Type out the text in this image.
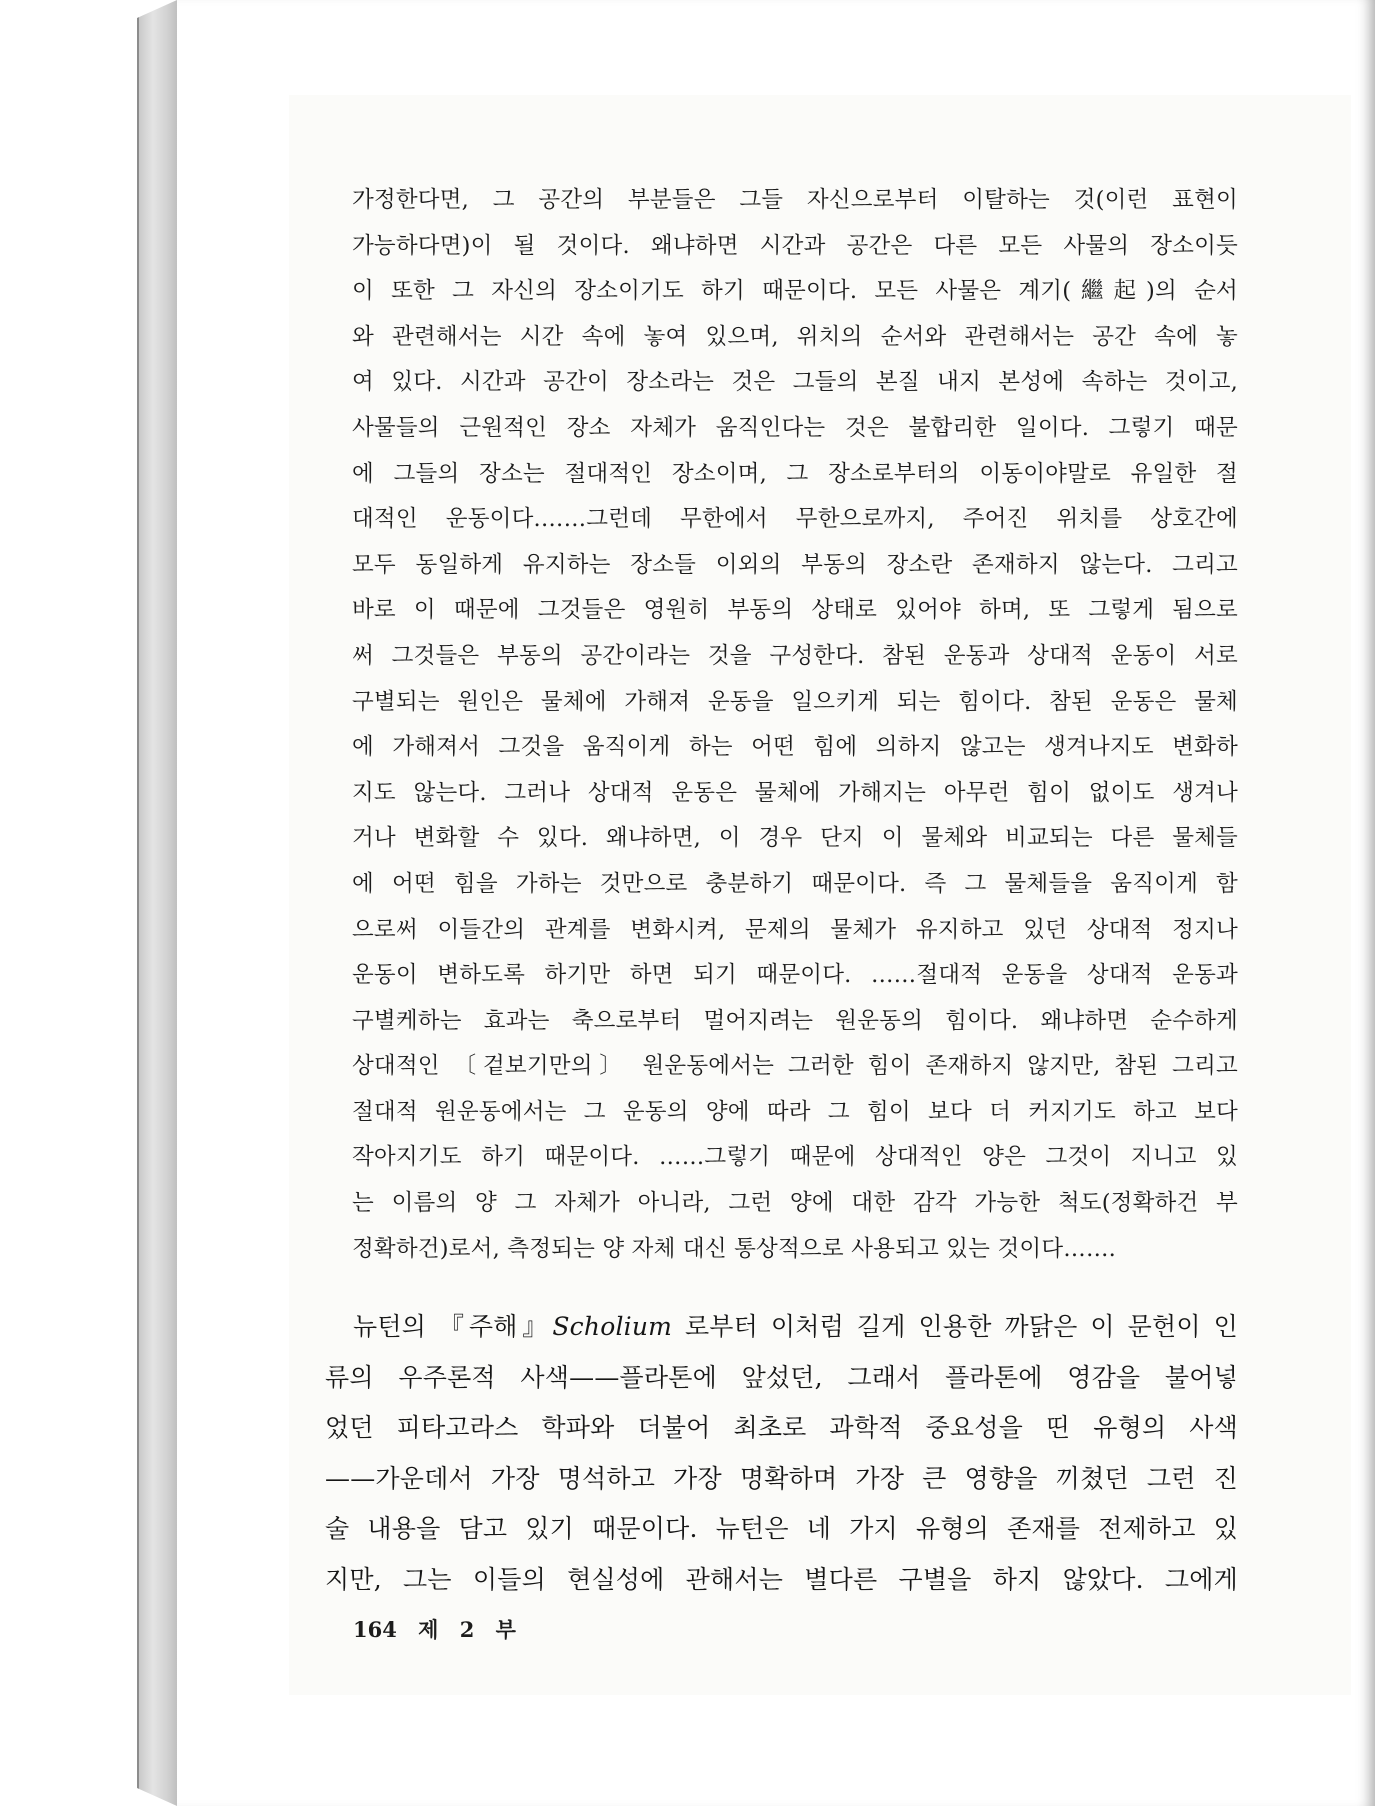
가정한다면, 그 공간의 부분들은 그들 자신으로부터 이탈하는 것(이런 표현이

가능하다면)이 될 것이다. 왜냐하면 시간과 공간은 다른 모든 사물의 장소이듯

이 또한 그 자신의 장소이기도 하기 때문이다. 모든 사물은 계기(繼起)의 순서

와 관련해서는 시간 속에 놓여 있으며, 위치의 순서와 관련해서는 공간 속에 놓

여 있다. 시간과 공간이 장소라는 것은 그들의 본질 내지 본성에 속하는 것이고,

사물들의 근원적인 장소 자체가 움직인다는 것은 불합리한 일이다. 그렇기 때문

에 그들의 장소는 절대적인 장소이며, 그 장소로부터의 이동이야말로 유일한 절

대적인 운동이다.……그런데 무한에서 무한으로까지, 주어진 위치를 상호간에

모두 동일하게 유지하는 장소들 이외의 부동의 장소란 존재하지 않는다. 그리고

바로 이 때문에 그것들은 영원히 부동의 상태로 있어야 하며, 또 그렇게 됨으로

써 그것들은 부동의 공간이라는 것을 구성한다. 참된 운동과 상대적 운동이 서로

구별되는 원인은 물체에 가해져 운동을 일으키게 되는 힘이다. 참된 운동은 물체

에 가해져서 그것을 움직이게 하는 어떤 힘에 의하지 않고는 생겨나지도 변화하

지도 않는다. 그러나 상대적 운동은 물체에 가해지는 아무런 힘이 없이도 생겨나

거나 변화할 수 있다. 왜냐하면, 이 경우 단지 이 물체와 비교되는 다른 물체들

에 어떤 힘을 가하는 것만으로 충분하기 때문이다. 즉 그 물체들을 움직이게 함

으로써 이들간의 관계를 변화시켜, 문제의 물체가 유지하고 있던 상대적 정지나

운동이 변하도록 하기만 하면 되기 때문이다. ……절대적 운동을 상대적 운동과

구별케하는 효과는 축으로부터 멀어지려는 원운동의 힘이다. 왜냐하면 순수하게

상대적인 〔겉보기만의〕 원운동에서는 그러한 힘이 존재하지 않지만, 참된 그리고

절대적 원운동에서는 그 운동의 양에 따라 그 힘이 보다 더 커지기도 하고 보다

작아지기도 하기 때문이다. ……그렇기 때문에 상대적인 양은 그것이 지니고 있

는 이름의 양 그 자체가 아니라, 그런 양에 대한 감각 가능한 척도(정확하건 부

정확하건)로서, 측정되는 양 자체 대신 통상적으로 사용되고 있는 것이다…….

뉴턴의 『주해』Scholium 로부터 이처럼 길게 인용한 까닭은 이 문헌이 인

류의 우주론적 사색——플라톤에 앞섰던, 그래서 플라톤에 영감을 불어넣

었던 피타고라스 학파와 더불어 최초로 과학적 중요성을 띤 유형의 사색

——가운데서 가장 명석하고 가장 명확하며 가장 큰 영향을 끼쳤던 그런 진

술 내용을 담고 있기 때문이다. 뉴턴은 네 가지 유형의 존재를 전제하고 있

지만, 그는 이들의 현실성에 관해서는 별다른 구별을 하지 않았다. 그에게

164 제 2 부
